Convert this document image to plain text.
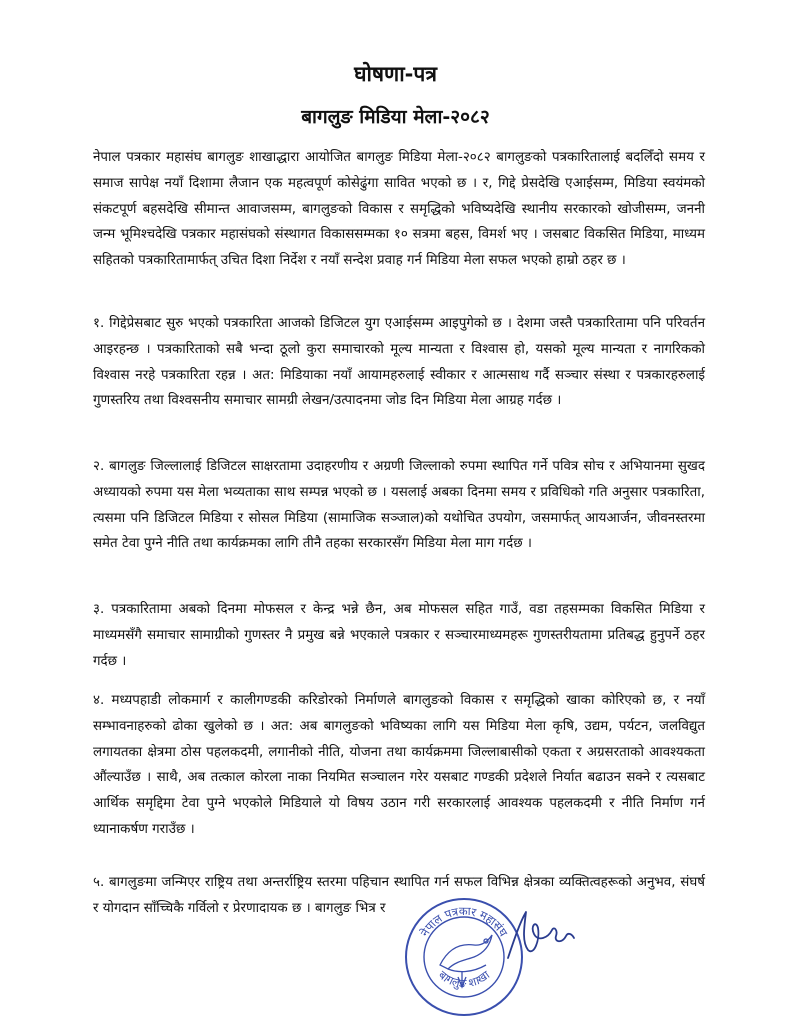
घोषणा-पत्र
बागलुङ मिडिया मेला-२०८२

नेपाल पत्रकार महासंघ बागलुङ शाखाद्धारा आयोजित बागलुङ मिडिया मेला-२०८२ बागलुङको पत्रकारितालाई बदलिँदो समय र समाज सापेक्ष नयाँ दिशामा लैजान एक महत्वपूर्ण कोसेढुंगा सावित भएको छ । र, गिद्दे प्रेसदेखि एआईसम्म, मिडिया स्वयंमको संकटपूर्ण बहसदेखि सीमान्त आवाजसम्म, बागलुङको विकास र समृद्धिको भविष्यदेखि स्थानीय सरकारको खोजीसम्म, जननी जन्म भूमिश्चदेखि पत्रकार महासंघको संस्थागत विकाससम्मका १० सत्रमा बहस, विमर्श भए । जसबाट विकसित मिडिया, माध्यम सहितको पत्रकारितामार्फत् उचित दिशा निर्देश र नयाँ सन्देश प्रवाह गर्न मिडिया मेला सफल भएको हाम्रो ठहर छ ।

१. गिद्देप्रेसबाट सुरु भएको पत्रकारिता आजको डिजिटल युग एआईसम्म आइपुगेको छ । देशमा जस्तै पत्रकारितामा पनि परिवर्तन आइरहन्छ । पत्रकारिताको सबै भन्दा ठूलो कुरा समाचारको मूल्य मान्यता र विश्वास हो, यसको मूल्य मान्यता र नागरिकको विश्वास नरहे पत्रकारिता रहन्न । अत: मिडियाका नयाँ आयामहरुलाई स्वीकार र आत्मसाथ गर्दै सञ्चार संस्था र पत्रकारहरुलाई गुणस्तरिय तथा विश्वसनीय समाचार सामग्री लेखन/उत्पादनमा जोड दिन मिडिया मेला आग्रह गर्दछ ।

२. बागलुङ जिल्लालाई डिजिटल साक्षरतामा उदाहरणीय र अग्रणी जिल्लाको रुपमा स्थापित गर्ने पवित्र सोच र अभियानमा सुखद अध्यायको रुपमा यस मेला भव्यताका साथ सम्पन्न भएको छ । यसलाई अबका दिनमा समय र प्रविधिको गति अनुसार पत्रकारिता, त्यसमा पनि डिजिटल मिडिया र सोसल मिडिया (सामाजिक सञ्जाल)को यथोचित उपयोग, जसमार्फत् आयआर्जन, जीवनस्तरमा समेत टेवा पुग्ने नीति तथा कार्यक्रमका लागि तीनै तहका सरकारसँग मिडिया मेला माग गर्दछ ।

३. पत्रकारितामा अबको दिनमा मोफसल र केन्द्र भन्ने छैन, अब मोफसल सहित गाउँ, वडा तहसम्मका विकसित मिडिया र माध्यमसँगै समाचार सामाग्रीको गुणस्तर नै प्रमुख बन्ने भएकाले पत्रकार र सञ्चारमाध्यमहरू गुणस्तरीयतामा प्रतिबद्ध हुनुपर्ने ठहर गर्दछ ।

४. मध्यपहाडी लोकमार्ग र कालीगण्डकी करिडोरको निर्माणले बागलुङको विकास र समृद्धिको खाका कोरिएको छ, र नयाँ सम्भावनाहरुको ढोका खुलेको छ । अत: अब बागलुङको भविष्यका लागि यस मिडिया मेला कृषि, उद्यम, पर्यटन, जलविद्युत लगायतका क्षेत्रमा ठोस पहलकदमी, लगानीको नीति, योजना तथा कार्यक्रममा जिल्लाबासीको एकता र अग्रसरताको आवश्यकता औंल्याउँछ । साथै, अब तत्काल कोरला नाका नियमित सञ्चालन गरेर यसबाट गण्डकी प्रदेशले निर्यात बढाउन सक्ने र त्यसबाट आर्थिक समृद्दिमा टेवा पुग्ने भएकोले मिडियाले यो विषय उठान गरी सरकारलाई आवश्यक पहलकदमी र नीति निर्माण गर्न ध्यानाकर्षण गराउँछ ।

५. बागलुङमा जन्मिएर राष्ट्रिय तथा अन्तर्राष्ट्रिय स्तरमा पहिचान स्थापित गर्न सफल विभिन्न क्षेत्रका व्यक्तित्वहरूको अनुभव, संघर्ष र योगदान साँच्चिकै गर्विलो र प्रेरणादायक छ । बागलुङ भित्र र

नेपाल पत्रकार महासंघ
बागलुङ शाखा
